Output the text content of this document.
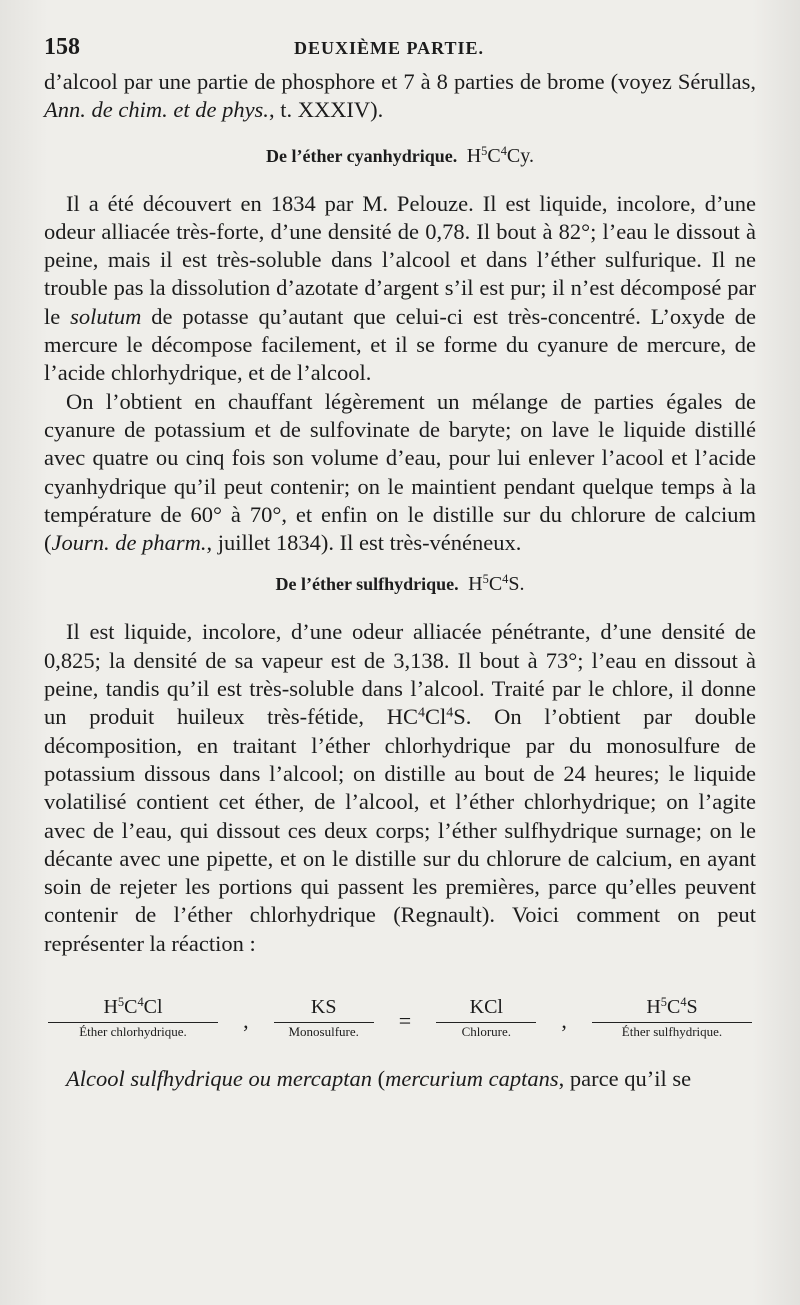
158	DEUXIÈME PARTIE.

d’alcool par une partie de phosphore et 7 à 8 parties de brome (voyez Sérullas, Ann. de chim. et de phys., t. XXXIV).

De l’éther cyanhydrique. $H^5C^4Cy$.

Il a été découvert en 1834 par M. Pelouze. Il est liquide, incolore, d’une odeur alliacée très-forte, d’une densité de 0,78. Il bout à 82°; l’eau le dissout à peine, mais il est très-soluble dans l’alcool et dans l’éther sulfurique. Il ne trouble pas la dissolution d’azotate d’argent s’il est pur; il n’est décomposé par le solutum de potasse qu’autant que celui-ci est très-concentré. L’oxyde de mercure le décompose facilement, et il se forme du cyanure de mercure, de l’acide chlorhydrique, et de l’alcool.

On l’obtient en chauffant légèrement un mélange de parties égales de cyanure de potassium et de sulfovinate de baryte; on lave le liquide distillé avec quatre ou cinq fois son volume d’eau, pour lui enlever l’acool et l’acide cyanhydrique qu’il peut contenir; on le maintient pendant quelque temps à la température de 60° à 70°, et enfin on le distille sur du chlorure de calcium (Journ. de pharm., juillet 1834). Il est très-vénéneux.

De l’éther sulfhydrique. $H^5C^4S$.

Il est liquide, incolore, d’une odeur alliacée pénétrante, d’une densité de 0,825; la densité de sa vapeur est de 3,138. Il bout à 73°; l’eau en dissout à peine, tandis qu’il est très-soluble dans l’alcool. Traité par le chlore, il donne un produit huileux très-fétide, $HC^4Cl^4S$. On l’obtient par double décomposition, en traitant l’éther chlorhydrique par du monosulfure de potassium dissous dans l’alcool; on distille au bout de 24 heures; le liquide volatilisé contient cet éther, de l’alcool, et l’éther chlorhydrique; on l’agite avec de l’eau, qui dissout ces deux corps; l’éther sulfhydrique surnage; on le décante avec une pipette, et on le distille sur du chlorure de calcium, en ayant soin de rejeter les portions qui passent les premières, parce qu’elles peuvent contenir de l’éther chlorhydrique (Regnault). Voici comment on peut représenter la réaction :

$H^5C^4Cl$
Éther chlorhydrique.	,
KS
Monosulfure.	=
KCl
Chlorure.	,
$H^5C^4S$
Éther sulfhydrique.

Alcool sulfhydrique ou mercaptan (mercurium captans, parce qu’il se
